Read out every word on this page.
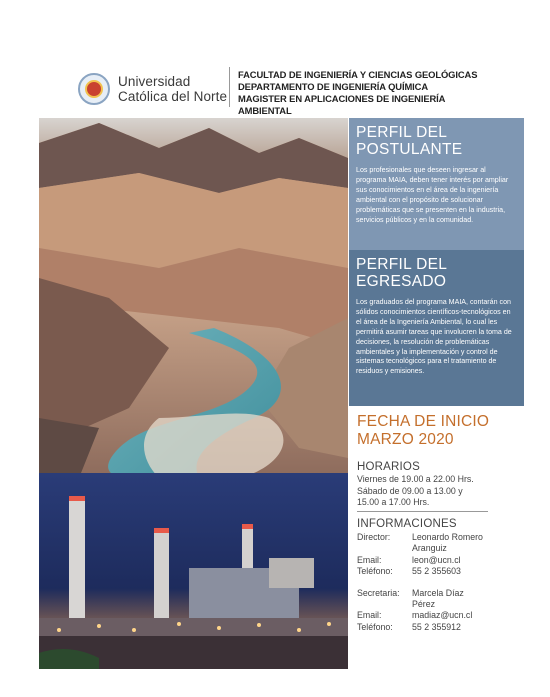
Universidad
Católica del Norte
FACULTAD DE INGENIERÍA Y CIENCIAS GEOLÓGICAS
DEPARTAMENTO DE INGENIERÍA QUÍMICA
MAGISTER EN APLICACIONES DE INGENIERÍA AMBIENTAL
PERFIL DEL
POSTULANTE
Los profesionales que deseen ingresar al programa MAIA, deben tener interés por ampliar sus conocimientos en el área de la ingeniería ambiental con el propósito de solucionar problemáticas que se presenten en la industria, servicios públicos y en la comunidad.
PERFIL DEL
EGRESADO
Los graduados del programa MAIA, contarán con sólidos conocimientos científicos-tecnológicos en el área de la Ingeniería Ambiental, lo cual les permitirá asumir tareas que involucren la toma de decisiones, la resolución de problemáticas ambientales y la implementación y control de sistemas tecnológicos para el tratamiento de residuos y emisiones.
FECHA DE INICIO
MARZO 2020
HORARIOS
Viernes de 19.00 a 22.00 Hrs.
Sábado de 09.00 a 13.00 y
15.00 a 17.00 Hrs.
INFORMACIONES
Director:	Leonardo Romero
Aranguiz
Email:	leon@ucn.cl
Teléfono:	55 2 355603
Secretaria:	Marcela Díaz
Pérez
Email:	madiaz@ucn.cl
Teléfono:	55 2 355912
